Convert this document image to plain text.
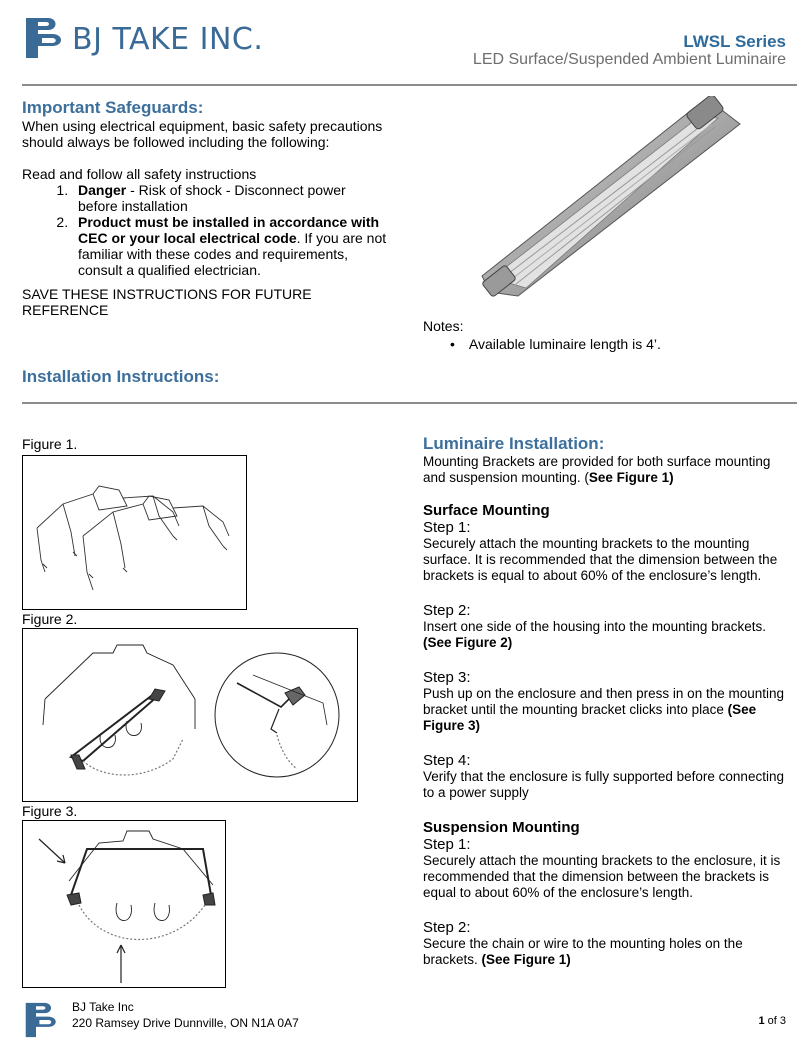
BJ TAKE INC.	LWSL Series
LED Surface/Suspended Ambient Luminaire
Important Safeguards:

When using electrical equipment, basic safety precautions should always be followed including the following:

Read and follow all safety instructions

1. Danger - Risk of shock - Disconnect power before installation
2. Product must be installed in accordance with CEC or your local electrical code. If you are not familiar with these codes and requirements, consult a qualified electrician.

SAVE THESE INSTRUCTIONS FOR FUTURE REFERENCE

Notes:
• Available luminaire length is 4’.
Installation Instructions:
Figure 1.
Figure 2.
Figure 3.
Luminaire Installation:

Mounting Brackets are provided for both surface mounting and suspension mounting. (See Figure 1)

Surface Mounting

Step 1:

Securely attach the mounting brackets to the mounting surface. It is recommended that the dimension between the brackets is equal to about 60% of the enclosure’s length.

Step 2:

Insert one side of the housing into the mounting brackets.
(See Figure 2)

Step 3:

Push up on the enclosure and then press in on the mounting bracket until the mounting bracket clicks into place (See Figure 3)

Step 4:

Verify that the enclosure is fully supported before connecting to a power supply

Suspension Mounting

Step 1:

Securely attach the mounting brackets to the enclosure, it is recommended that the dimension between the brackets is equal to about 60% of the enclosure’s length.

Step 2:

Secure the chain or wire to the mounting holes on the brackets. (See Figure 1)

BJ Take Inc
220 Ramsey Drive Dunnville, ON N1A 0A7	1 of 3
